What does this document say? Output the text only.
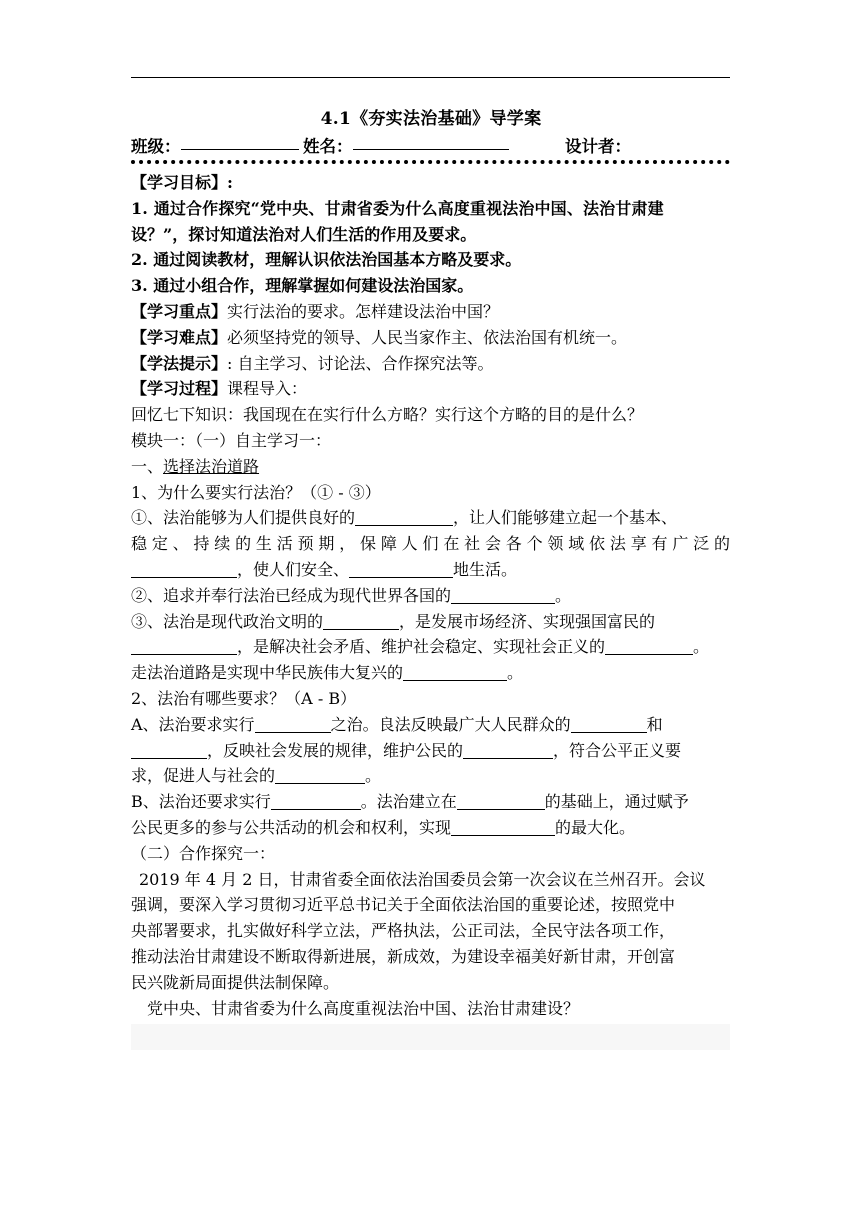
4.1《夯实法治基础》导学案
班级：	姓名：	设计者：

【学习目标】:

1. 通过合作探究“党中央、甘肃省委为什么高度重视法治中国、法治甘肃建

设？”，探讨知道法治对人们生活的作用及要求。

2. 通过阅读教材，理解认识依法治国基本方略及要求。

3. 通过小组合作，理解掌握如何建设法治国家。

【学习重点】实行法治的要求。怎样建设法治中国？

【学习难点】必须坚持党的领导、人民当家作主、依法治国有机统一。

【学法提示】: 自主学习、讨论法、合作探究法等。

【学习过程】课程导入：

回忆七下知识：我国现在在实行什么方略？实行这个方略的目的是什么？

模块一：（一）自主学习一：

一、选择法治道路

1、为什么要实行法治？（① - ③）

①、法治能够为人们提供良好的	，让人们能够建立起一个基本、

稳定、持续的生活预期，保障人们在社会各个领域依法享有广泛的

，使人们安全、	地生活。

②、追求并奉行法治已经成为现代世界各国的	。

③、法治是现代政治文明的	，是发展市场经济、实现强国富民的

，是解决社会矛盾、维护社会稳定、实现社会正义的	。

走法治道路是实现中华民族伟大复兴的	。

2、法治有哪些要求？（A - B）

A、法治要求实行	之治。良法反映最广大人民群众的	和

，反映社会发展的规律，维护公民的	，符合公平正义要

求，促进人与社会的	。

B、法治还要求实行	。法治建立在	的基础上，通过赋予

公民更多的参与公共活动的机会和权利，实现	的最大化。

（二）合作探究一：

2019 年 4 月 2 日，甘肃省委全面依法治国委员会第一次会议在兰州召开。会议

强调，要深入学习贯彻习近平总书记关于全面依法治国的重要论述，按照党中

央部署要求，扎实做好科学立法，严格执法，公正司法，全民守法各项工作，

推动法治甘肃建设不断取得新进展，新成效，为建设幸福美好新甘肃，开创富

民兴陇新局面提供法制保障。

党中央、甘肃省委为什么高度重视法治中国、法治甘肃建设？
